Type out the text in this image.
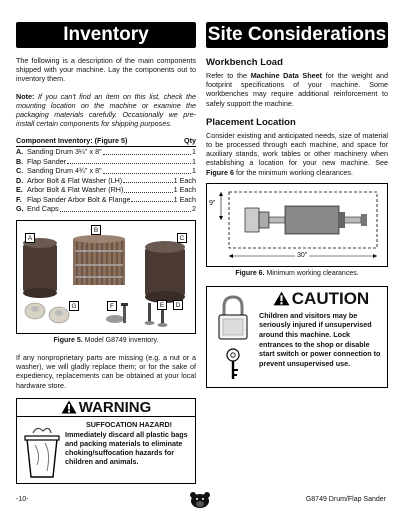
Inventory

The following is a description of the main components shipped with your machine. Lay the components out to inventory them.

Note: If you can't find an item on this list, check the mounting location on the machine or examine the packaging materials carefully. Occasionally we pre-install certain components for shipping purposes.

Component Inventory: (Figure 5)	Qty
A. Sanding Drum 3¼" x 8"	1
B. Flap Sander	1
C. Sanding Drum 4¾" x 8"	1
D. Arbor Bolt & Flat Washer (LH)	1 Each
E. Arbor Bolt & Flat Washer (RH)	1 Each
F. Flap Sander Arbor Bolt & Flange	1 Each
G. End Caps	2
A
B
C
D
E
F
G
Figure 5. Model G8749 inventory.

If any nonproprietary parts are missing (e.g. a nut or a washer), we will gladly replace them; or for the sake of expediency, replacements can be obtained at your local hardware store.

WARNING
SUFFOCATION HAZARD!
Immediately discard all plastic bags and packing materials to eliminate choking/suffocation hazards for children and animals.
Site Considerations
Workbench Load

Refer to the Machine Data Sheet for the weight and footprint specifications of your machine. Some workbenches may require additional reinforcement to safely support the machine.

Placement Location

Consider existing and anticipated needs, size of material to be processed through each machine, and space for auxiliary stands, work tables or other machinery when establishing a location for your new machine. See Figure 6 for the minimum working clearances.

9"
30"
Figure 6. Minimum working clearances.
CAUTION
Children and visitors may be seriously injured if unsupervised around this machine. Lock entrances to the shop or disable start switch or power connection to prevent unsupervised use.
-10-	G8749 Drum/Flap Sander
